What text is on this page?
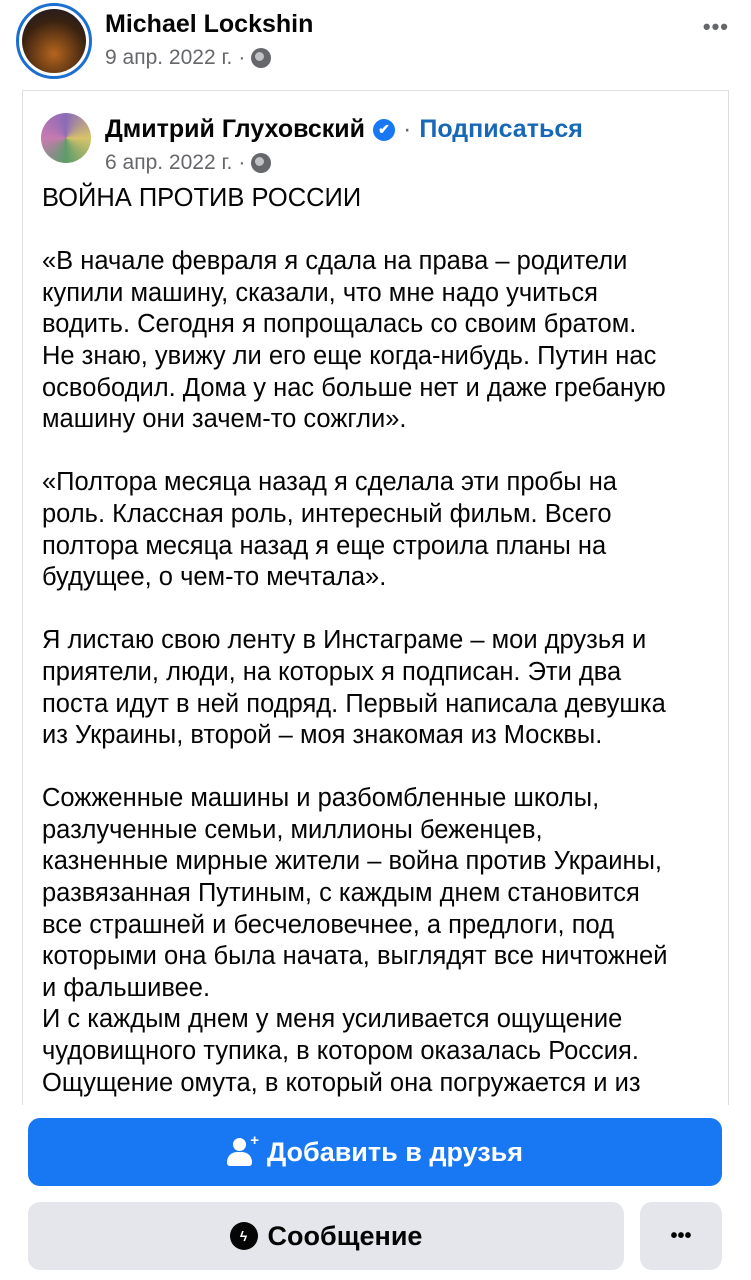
Michael Lockshin
9 апр. 2022 г. ·
•••
Дмитрий Глуховский ✔ · Подписаться
6 апр. 2022 г. ·
ВОЙНА ПРОТИВ РОССИИ
«В начале февраля я сдала на права – родители
купили машину, сказали, что мне надо учиться
водить. Сегодня я попрощалась со своим братом.
Не знаю, увижу ли его еще когда-нибудь. Путин нас
освободил. Дома у нас больше нет и даже гребаную
машину они зачем-то сожгли».
«Полтора месяца назад я сделала эти пробы на
роль. Классная роль, интересный фильм. Всего
полтора месяца назад я еще строила планы на
будущее, о чем-то мечтала».
Я листаю свою ленту в Инстаграме – мои друзья и
приятели, люди, на которых я подписан. Эти два
поста идут в ней подряд. Первый написала девушка
из Украины, второй – моя знакомая из Москвы.
Сожженные машины и разбомбленные школы,
разлученные семьи, миллионы беженцев,
казненные мирные жители – война против Украины,
развязанная Путиным, с каждым днем становится
все страшней и бесчеловечнее, а предлоги, под
которыми она была начата, выглядят все ничтожней
и фальшивее.
И с каждым днем у меня усиливается ощущение
чудовищного тупика, в котором оказалась Россия.
Ощущение омута, в который она погружается и из
+ Добавить в друзья
ϟ Сообщение	•••
